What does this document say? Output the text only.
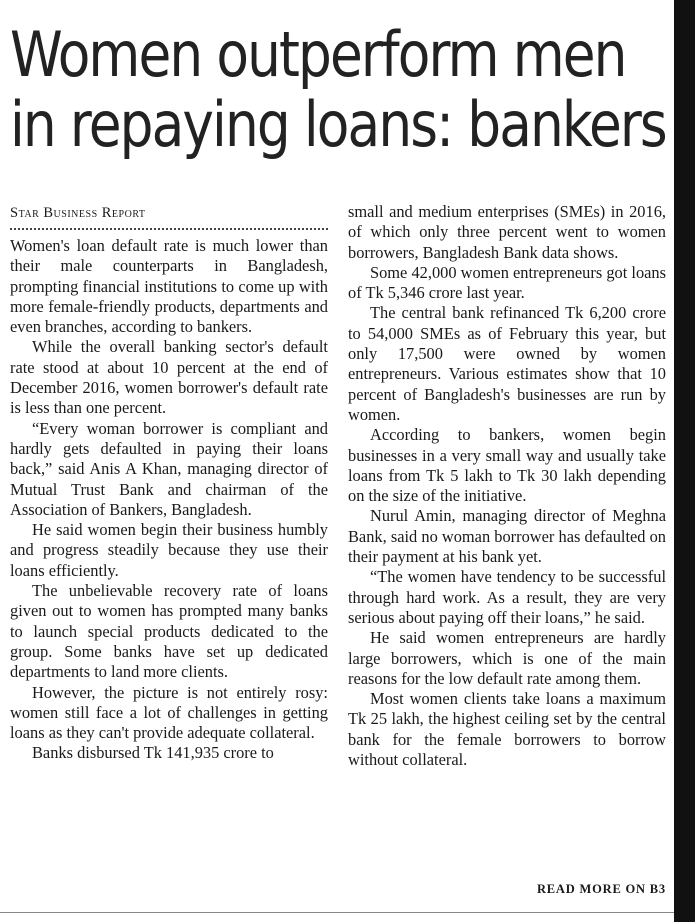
Women outperform men
in repaying loans: bankers
Star Business Report

Women's loan default rate is much lower than their male counterparts in Bangladesh, prompting financial institutions to come up with more female-friendly products, departments and even branches, according to bankers.

While the overall banking sector's default rate stood at about 10 percent at the end of December 2016, women borrower's default rate is less than one percent.

“Every woman borrower is compliant and hardly gets defaulted in paying their loans back,” said Anis A Khan, managing director of Mutual Trust Bank and chairman of the Association of Bankers, Bangladesh.

He said women begin their business humbly and progress steadily because they use their loans efficiently.

The unbelievable recovery rate of loans given out to women has prompted many banks to launch special products dedicated to the group. Some banks have set up dedicated departments to land more clients.

However, the picture is not entirely rosy: women still face a lot of challenges in getting loans as they can't provide adequate collateral.

Banks disbursed Tk 141,935 crore to

small and medium enterprises (SMEs) in 2016, of which only three percent went to women borrowers, Bangladesh Bank data shows.

Some 42,000 women entrepreneurs got loans of Tk 5,346 crore last year.

The central bank refinanced Tk 6,200 crore to 54,000 SMEs as of February this year, but only 17,500 were owned by women entrepreneurs. Various estimates show that 10 percent of Bangladesh's businesses are run by women.

According to bankers, women begin businesses in a very small way and usually take loans from Tk 5 lakh to Tk 30 lakh depending on the size of the initiative.

Nurul Amin, managing director of Meghna Bank, said no woman borrower has defaulted on their payment at his bank yet.

“The women have tendency to be successful through hard work. As a result, they are very serious about paying off their loans,” he said.

He said women entrepreneurs are hardly large borrowers, which is one of the main reasons for the low default rate among them.

Most women clients take loans a maximum Tk 25 lakh, the highest ceiling set by the central bank for the female borrowers to borrow without collateral.

READ MORE ON B3
